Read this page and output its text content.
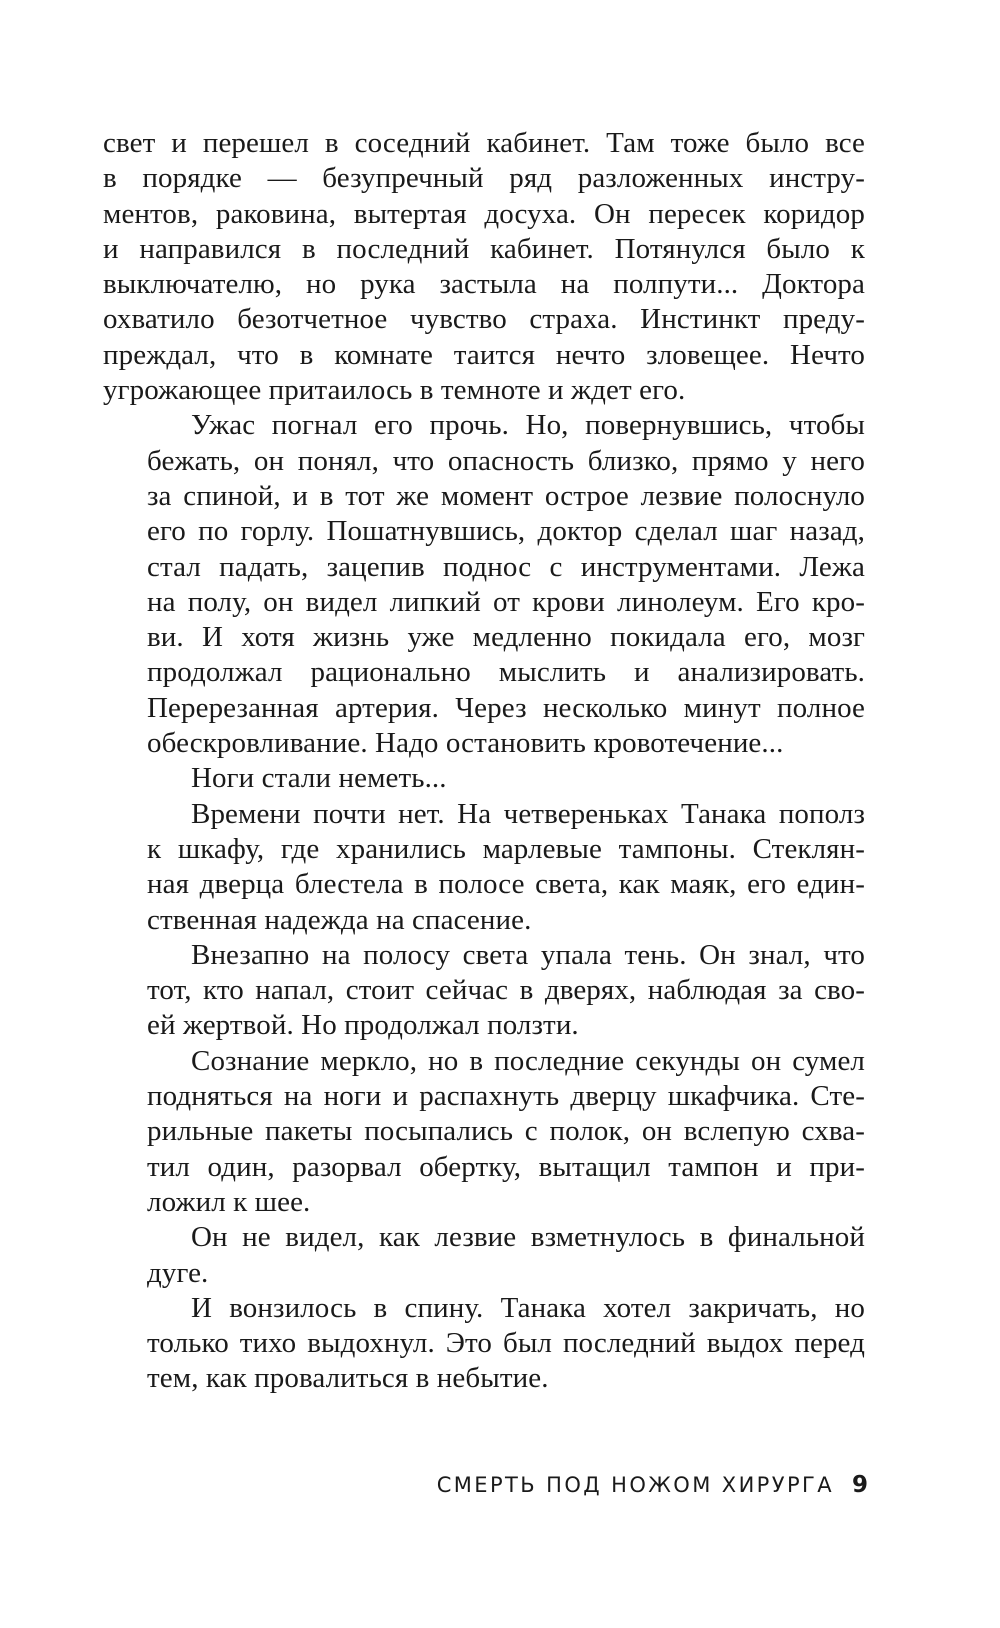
свет и перешел в соседний кабинет. Там тоже было все
в порядке — безупречный ряд разложенных инстру-
ментов, раковина, вытертая досуха. Он пересек коридор
и направился в последний кабинет. Потянулся было к
выключателю, но рука застыла на полпути... Доктора
охватило безотчетное чувство страха. Инстинкт преду-
преждал, что в комнате таится нечто зловещее. Нечто
угрожающее притаилось в темноте и ждет его.
Ужас погнал его прочь. Но, повернувшись, чтобы
бежать, он понял, что опасность близко, прямо у него
за спиной, и в тот же момент острое лезвие полоснуло
его по горлу. Пошатнувшись, доктор сделал шаг назад,
стал падать, зацепив поднос с инструментами. Лежа
на полу, он видел липкий от крови линолеум. Его кро-
ви. И хотя жизнь уже медленно покидала его, мозг
продолжал рационально мыслить и анализировать.
Перерезанная артерия. Через несколько минут полное
обескровливание. Надо остановить кровотечение...
Ноги стали неметь...
Времени почти нет. На четвереньках Танака пополз
к шкафу, где хранились марлевые тампоны. Стеклян-
ная дверца блестела в полосе света, как маяк, его един-
ственная надежда на спасение.
Внезапно на полосу света упала тень. Он знал, что
тот, кто напал, стоит сейчас в дверях, наблюдая за сво-
ей жертвой. Но продолжал ползти.
Сознание меркло, но в последние секунды он сумел
подняться на ноги и распахнуть дверцу шкафчика. Сте-
рильные пакеты посыпались с полок, он вслепую схва-
тил один, разорвал обертку, вытащил тампон и при-
ложил к шее.
Он не видел, как лезвие взметнулось в финальной
дуге.
И вонзилось в спину. Танака хотел закричать, но
только тихо выдохнул. Это был последний выдох перед
тем, как провалиться в небытие.
СМЕРТЬ ПОД НОЖОМ ХИРУРГА 9
